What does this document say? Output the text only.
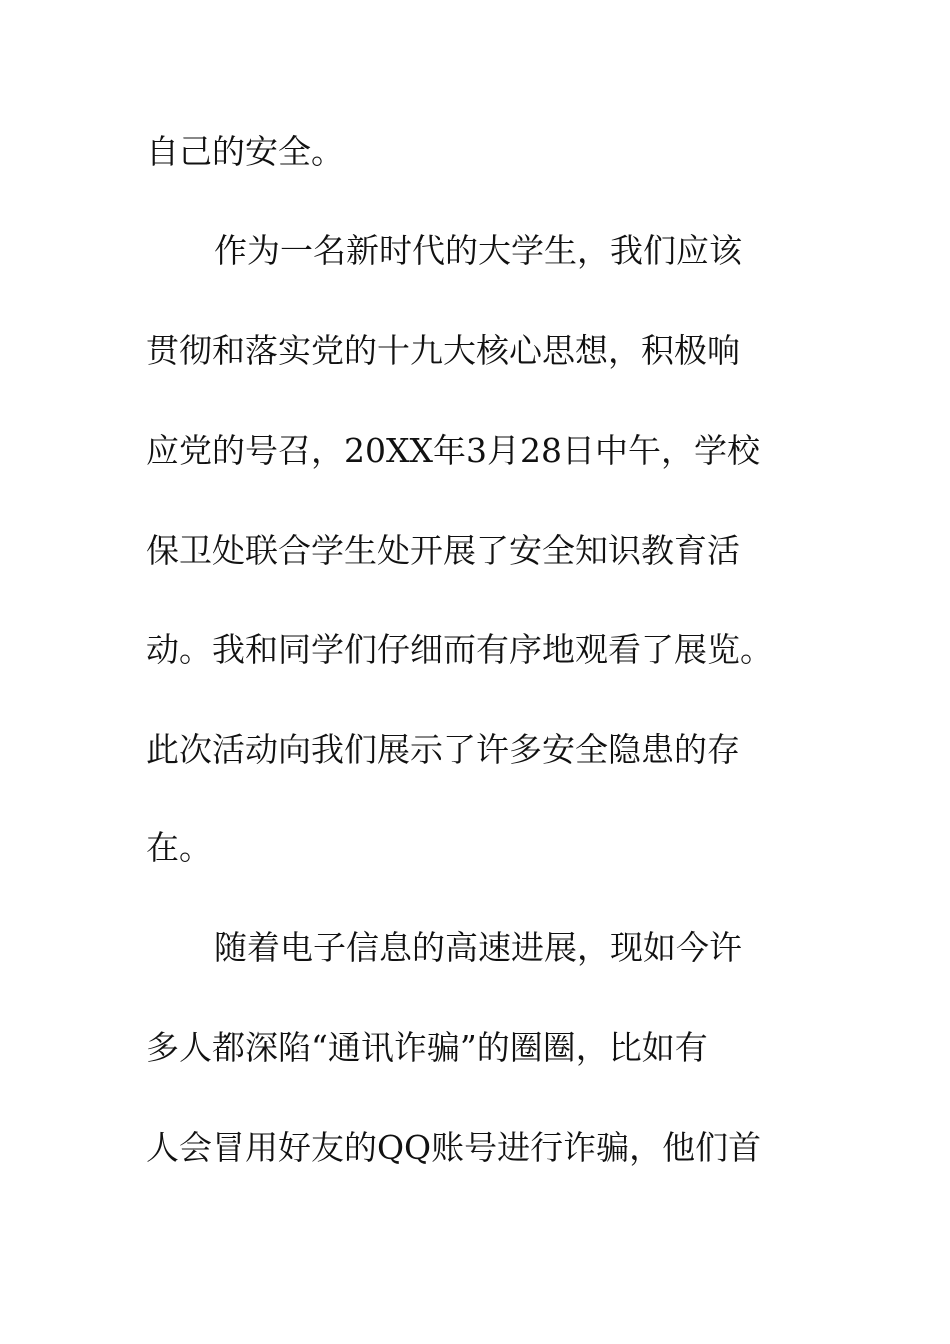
自己的安全。
作为一名新时代的大学生，我们应该
贯彻和落实党的十九大核心思想，积极响
应党的号召，20XX年3月28日中午，学校
保卫处联合学生处开展了安全知识教育活
动。我和同学们仔细而有序地观看了展览。
此次活动向我们展示了许多安全隐患的存
在。
随着电子信息的高速进展，现如今许
多人都深陷“通讯诈骗”的圈圈，比如有
人会冒用好友的QQ账号进行诈骗，他们首
